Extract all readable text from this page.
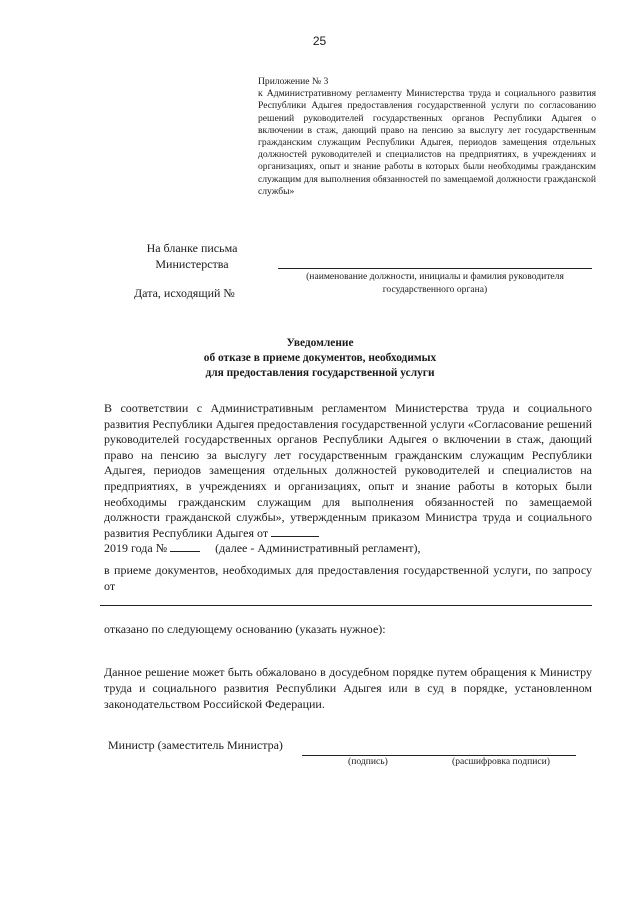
25
Приложение № 3
к Административному регламенту Министерства труда и социального развития Республики Адыгея предоставления государственной услуги по согласованию решений руководителей государственных органов Республики Адыгея о включении в стаж, дающий право на пенсию за выслугу лет государственным гражданским служащим Республики Адыгея, периодов замещения отдельных должностей руководителей и специалистов на предприятиях, в учреждениях и организациях, опыт и знание работы в которых были необходимы гражданским служащим для выполнения обязанностей по замещаемой должности гражданской службы»
На бланке письма
Министерства
Дата, исходящий №
(наименование должности, инициалы и фамилия руководителя государственного органа)
Уведомление
об отказе в приеме документов, необходимых
для предоставления государственной услуги

В соответствии с Административным регламентом Министерства труда и социального развития Республики Адыгея предоставления государственной услуги «Согласование решений руководителей государственных органов Республики Адыгея о включении в стаж, дающий право на пенсию за выслугу лет государственным гражданским служащим Республики Адыгея, периодов замещения отдельных должностей руководителей и специалистов на предприятиях, в учреждениях и организациях, опыт и знание работы в которых были необходимы гражданским служащим для выполнения обязанностей по замещаемой должности гражданской службы», утвержденным приказом Министра труда и социального развития Республики Адыгея от
2019 года №	(далее - Административный регламент),

в приеме документов, необходимых для предоставления государственной услуги, по запросу от

отказано по следующему основанию (указать нужное):

Данное решение может быть обжаловано в досудебном порядке путем обращения к Министру труда и социального развития Республики Адыгея или в суд в порядке, установленном законодательством Российской Федерации.

Министр (заместитель Министра)
(подпись)	(расшифровка подписи)
